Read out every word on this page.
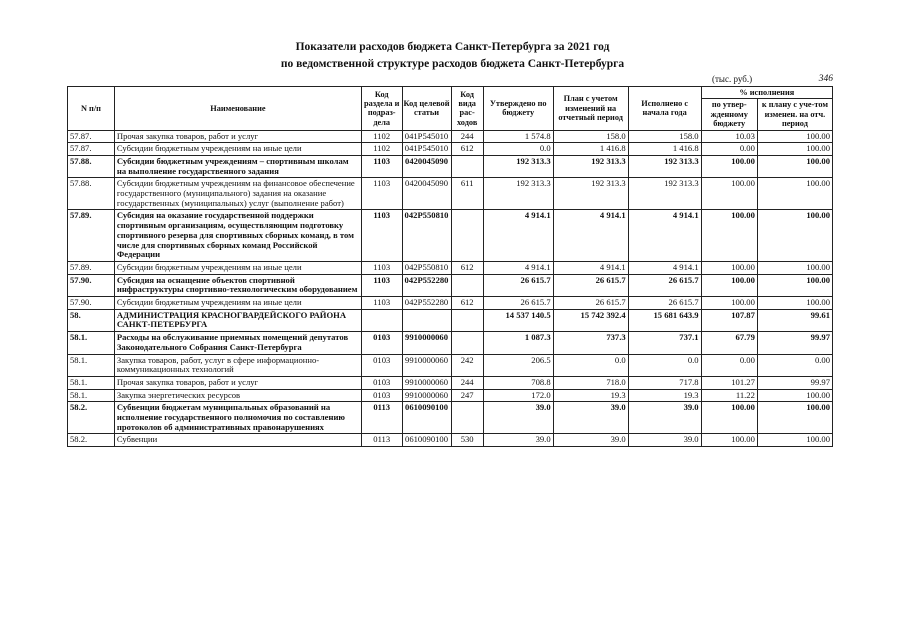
Показатели расходов бюджета Санкт-Петербурга за 2021 год
по ведомственной структуре расходов бюджета Санкт-Петербурга
(тыс. руб.)	346
N п/п	Наименование	Код раздела и подраз-дела	Код целевой статьи	Код вида рас-ходов	Утверждено по бюджету	План с учетом изменений на отчетный период	Исполнено с начала года	% исполнения	
								по утвер-жденному бюджету	к плану с уче-том изменен. на отч. период
57.87.	Прочая закупка товаров, работ и услуг	1102	041P545010	244	1 574.8	158.0	158.0	10.03	100.00
57.87.	Субсидии бюджетным учреждениям на иные цели	1102	041P545010	612	0.0	1 416.8	1 416.8	0.00	100.00
57.88.	Субсидии бюджетным учреждениям – спортивным школам на выполнение государственного задания	1103	0420045090		192 313.3	192 313.3	192 313.3	100.00	100.00
57.88.	Субсидии бюджетным учреждениям на финансовое обеспечение государственного (муниципального) задания на оказание государственных (муниципальных) услуг (выполнение работ)	1103	0420045090	611	192 313.3	192 313.3	192 313.3	100.00	100.00
57.89.	Субсидия на оказание государственной поддержки спортивным организациям, осуществляющим подготовку спортивного резерва для спортивных сборных команд, в том числе для спортивных сборных команд Российской Федерации	1103	042P550810		4 914.1	4 914.1	4 914.1	100.00	100.00
57.89.	Субсидии бюджетным учреждениям на иные цели	1103	042P550810	612	4 914.1	4 914.1	4 914.1	100.00	100.00
57.90.	Субсидия на оснащение объектов спортивной инфраструктуры спортивно-технологическим оборудованием	1103	042P552280		26 615.7	26 615.7	26 615.7	100.00	100.00
57.90.	Субсидии бюджетным учреждениям на иные цели	1103	042P552280	612	26 615.7	26 615.7	26 615.7	100.00	100.00
58.	АДМИНИСТРАЦИЯ КРАСНОГВАРДЕЙСКОГО РАЙОНА САНКТ-ПЕТЕРБУРГА				14 537 140.5	15 742 392.4	15 681 643.9	107.87	99.61
58.1.	Расходы на обслуживание приемных помещений депутатов Законодательного Собрания Санкт-Петербурга	0103	9910000060		1 087.3	737.3	737.1	67.79	99.97
58.1.	Закупка товаров, работ, услуг в сфере информационно-коммуникационных технологий	0103	9910000060	242	206.5	0.0	0.0	0.00	0.00
58.1.	Прочая закупка товаров, работ и услуг	0103	9910000060	244	708.8	718.0	717.8	101.27	99.97
58.1.	Закупка энергетических ресурсов	0103	9910000060	247	172.0	19.3	19.3	11.22	100.00
58.2.	Субвенции бюджетам муниципальных образований на исполнение государственного полномочия по составлению протоколов об административных правонарушениях	0113	0610090100		39.0	39.0	39.0	100.00	100.00
58.2.	Субвенции	0113	0610090100	530	39.0	39.0	39.0	100.00	100.00
